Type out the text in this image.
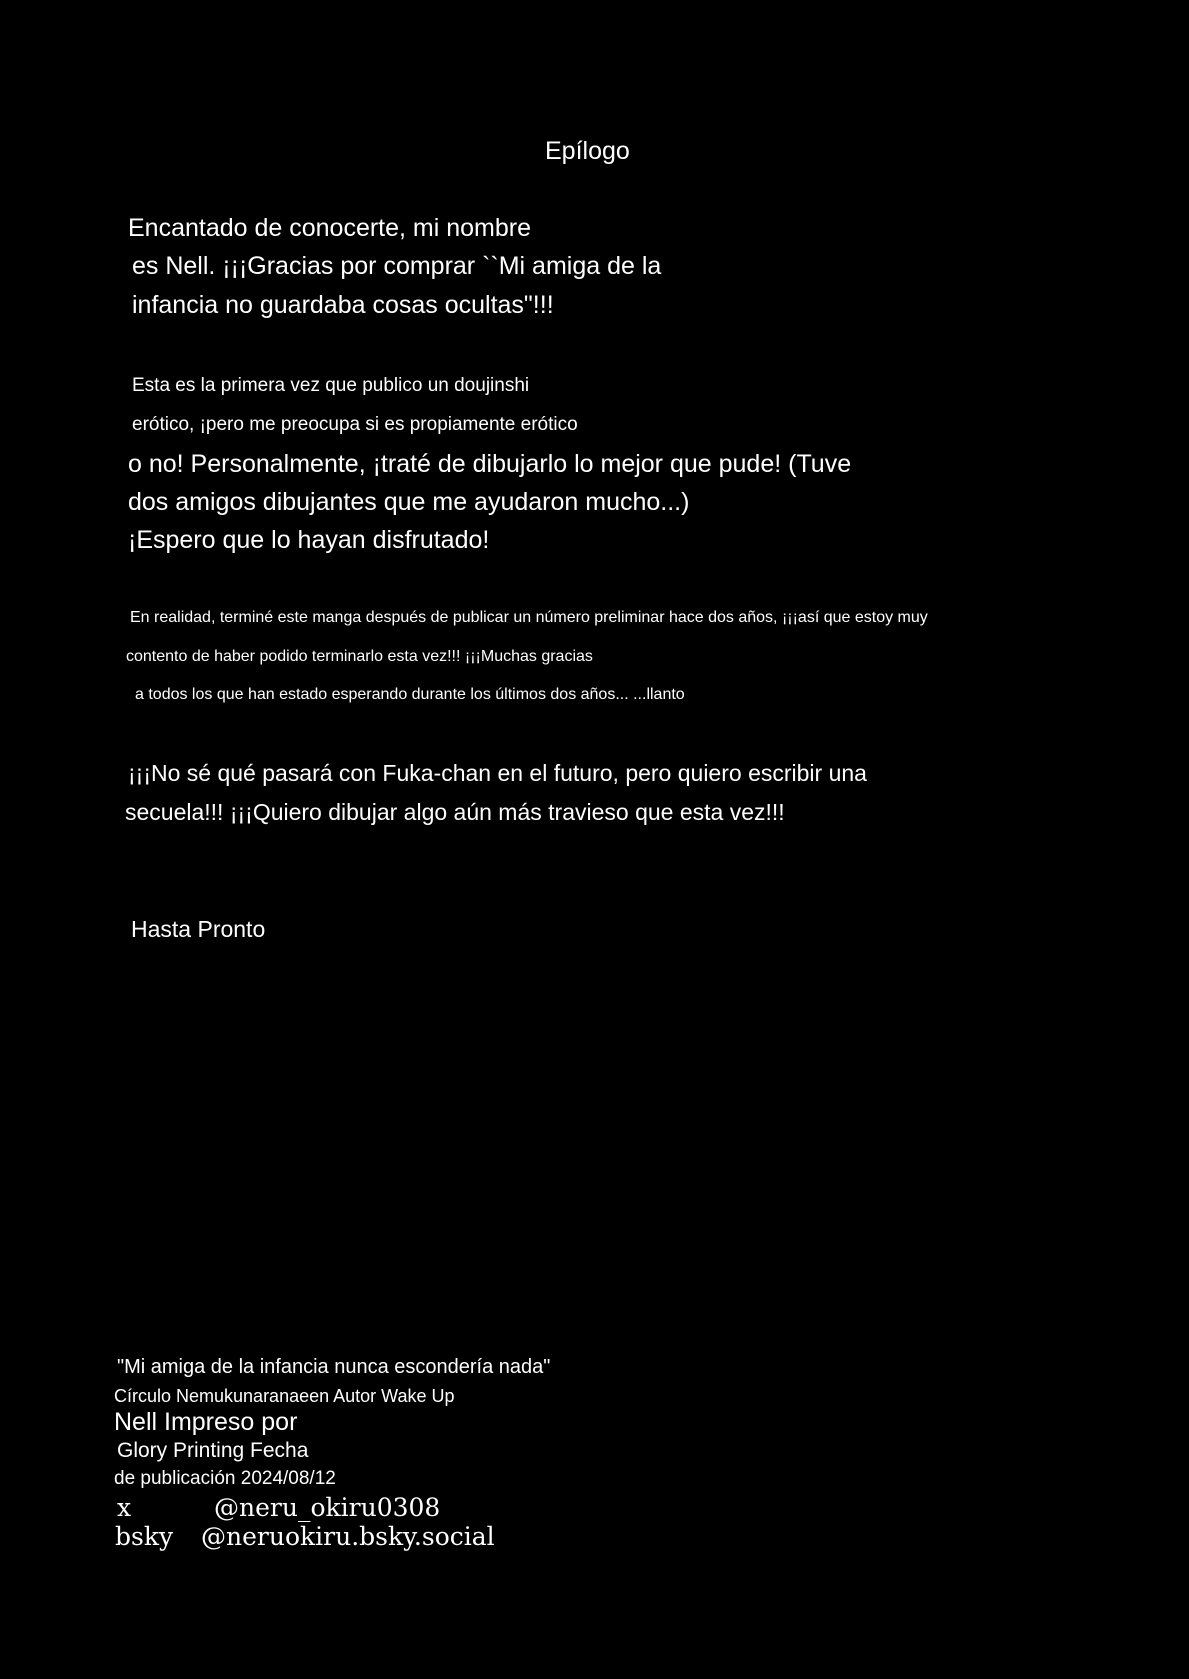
Epílogo
Encantado de conocerte, mi nombre
es Nell. ¡¡¡Gracias por comprar ``Mi amiga de la
infancia no guardaba cosas ocultas"!!!
Esta es la primera vez que publico un doujinshi
erótico, ¡pero me preocupa si es propiamente erótico
o no! Personalmente, ¡traté de dibujarlo lo mejor que pude! (Tuve
dos amigos dibujantes que me ayudaron mucho...)
¡Espero que lo hayan disfrutado!
En realidad, terminé este manga después de publicar un número preliminar hace dos años, ¡¡¡así que estoy muy
contento de haber podido terminarlo esta vez!!! ¡¡¡Muchas gracias
a todos los que han estado esperando durante los últimos dos años... ...llanto
¡¡¡No sé qué pasará con Fuka-chan en el futuro, pero quiero escribir una
secuela!!! ¡¡¡Quiero dibujar algo aún más travieso que esta vez!!!
Hasta Pronto
"Mi amiga de la infancia nunca escondería nada"
Círculo Nemukunaranaeen Autor Wake Up
Nell Impreso por
Glory Printing Fecha
de publicación 2024/08/12
x	@neru_okiru0308
bsky @neruokiru.bsky.social
